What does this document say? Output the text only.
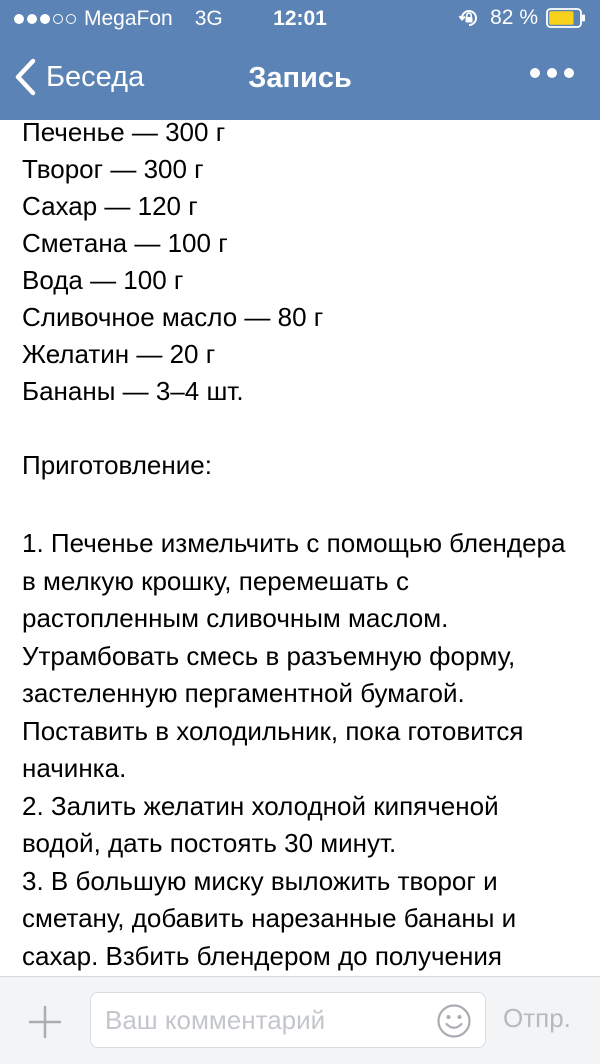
MegaFon 3G	12:01	82 %
Беседа	Запись
Печенье — 300 г
Творог — 300 г
Сахар — 120 г
Сметана — 100 г
Вода — 100 г
Сливочное масло — 80 г
Желатин — 20 г
Бананы — 3–4 шт.
Приготовление:
1. Печенье измельчить с помощью блендера в мелкую крошку, перемешать с растопленным сливочным маслом. Утрамбовать смесь в разъемную форму, застеленную пергаментной бумагой. Поставить в холодильник, пока готовится начинка.
2. Залить желатин холодной кипяченой водой, дать постоять 30 минут.
3. В большую миску выложить творог и сметану, добавить нарезанные бананы и сахар. Взбить блендером до получения
Ваш комментарий
Отпр.
